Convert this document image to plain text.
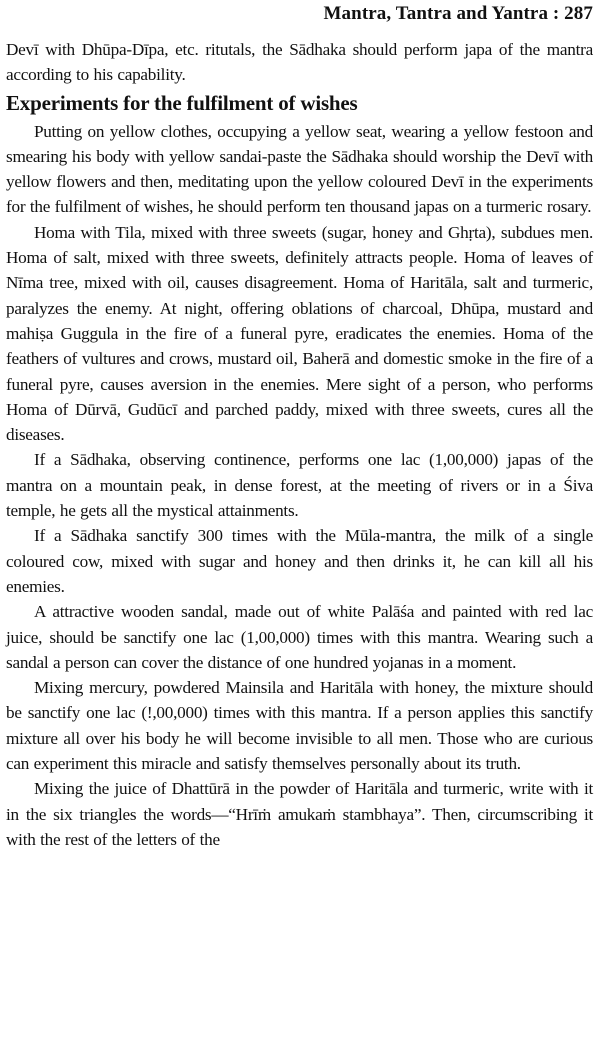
Mantra, Tantra and Yantra : 287

Devī with Dhūpa-Dīpa, etc. ritutals, the Sādhaka should perform japa of the mantra according to his capability.

Experiments for the fulfilment of wishes

Putting on yellow clothes, occupying a yellow seat, wearing a yellow festoon and smearing his body with yellow sandai-paste the Sādhaka should worship the Devī with yellow flowers and then, meditating upon the yellow coloured Devī in the experiments for the fulfilment of wishes, he should perform ten thousand japas on a turmeric rosary.

Homa with Tila, mixed with three sweets (sugar, honey and Ghṛta), subdues men. Homa of salt, mixed with three sweets, definitely attracts people. Homa of leaves of Nīma tree, mixed with oil, causes disagreement. Homa of Haritāla, salt and turmeric, paralyzes the enemy. At night, offering oblations of charcoal, Dhūpa, mustard and mahiṣa Guggula in the fire of a funeral pyre, eradicates the enemies. Homa of the feathers of vultures and crows, mustard oil, Baherā and domestic smoke in the fire of a funeral pyre, causes aversion in the enemies. Mere sight of a person, who performs Homa of Dūrvā, Gudūcī and parched paddy, mixed with three sweets, cures all the diseases.

If a Sādhaka, observing continence, performs one lac (1,00,000) japas of the mantra on a mountain peak, in dense forest, at the meeting of rivers or in a Śiva temple, he gets all the mystical attainments.

If a Sādhaka sanctify 300 times with the Mūla-mantra, the milk of a single coloured cow, mixed with sugar and honey and then drinks it, he can kill all his enemies.

A attractive wooden sandal, made out of white Palāśa and painted with red lac juice, should be sanctify one lac (1,00,000) times with this mantra. Wearing such a sandal a person can cover the distance of one hundred yojanas in a moment.

Mixing mercury, powdered Mainsila and Haritāla with honey, the mixture should be sanctify one lac (!,00,000) times with this mantra. If a person applies this sanctify mixture all over his body he will become invisible to all men. Those who are curious can experiment this miracle and satisfy themselves personally about its truth.

Mixing the juice of Dhattūrā in the powder of Haritāla and turmeric, write with it in the six triangles the words—“Hrīṁ amukaṁ stambhaya”. Then, circumscribing it with the rest of the letters of the
